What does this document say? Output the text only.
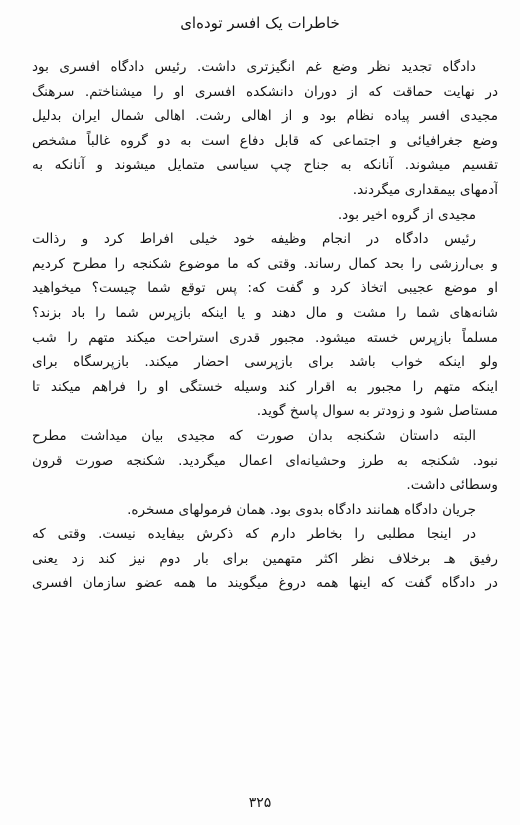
خاطرات یک افسر توده‌ای
دادگاه تجدید نظر وضع غم انگیزتری داشت. رئیس دادگاه افسری بود
در نهایت حماقت که از دوران دانشکده افسری او را میشناختم. سرهنگ
مجیدی افسر پیاده نظام بود و از اهالی رشت. اهالی شمال ایران بدلیل
وضع جغرافیائی و اجتماعی که قابل دفاع است به دو گروه غالباً مشخص
تقسیم میشوند. آنانکه به جناح چپ سیاسی متمایل میشوند و آنانکه به
آدمهای بیمقداری میگردند.
مجیدی از گروه اخیر بود.
رئیس دادگاه در انجام وظیفه خود خیلی افراط کرد و رذالت
و بی‌ارزشی را بحد کمال رساند. وقتی که ما موضوع شکنجه را مطرح کردیم
او موضع عجیبی اتخاذ کرد و گفت که: پس توقع شما چیست؟ میخواهید
شانه‌های شما را مشت و مال دهند و یا اینکه بازپرس شما را باد بزند؟
مسلماً بازپرس خسته میشود. مجبور قدری استراحت میکند متهم را شب
ولو اینکه خواب باشد برای بازپرسی احضار میکند. بازپرسگاه برای
اینکه متهم را مجبور به اقرار کند وسیله خستگی او را فراهم میکند تا
مستاصل شود و زودتر به سوال پاسخ گوید.
البته داستان شکنجه بدان صورت که مجیدی بیان میداشت مطرح
نبود. شکنجه به طرز وحشیانه‌ای اعمال میگردید. شکنجه صورت قرون
وسطائی داشت.
جریان دادگاه همانند دادگاه بدوی بود. همان فرمولهای مسخره.
در اینجا مطلبی را بخاطر دارم که ذکرش بیفایده نیست. وقتی که
رفیق هـ برخلاف نظر اکثر متهمین برای بار دوم نیز کند زد یعنی
در دادگاه گفت که اینها همه دروغ میگویند ما همه عضو سازمان افسری
۳۲۵
